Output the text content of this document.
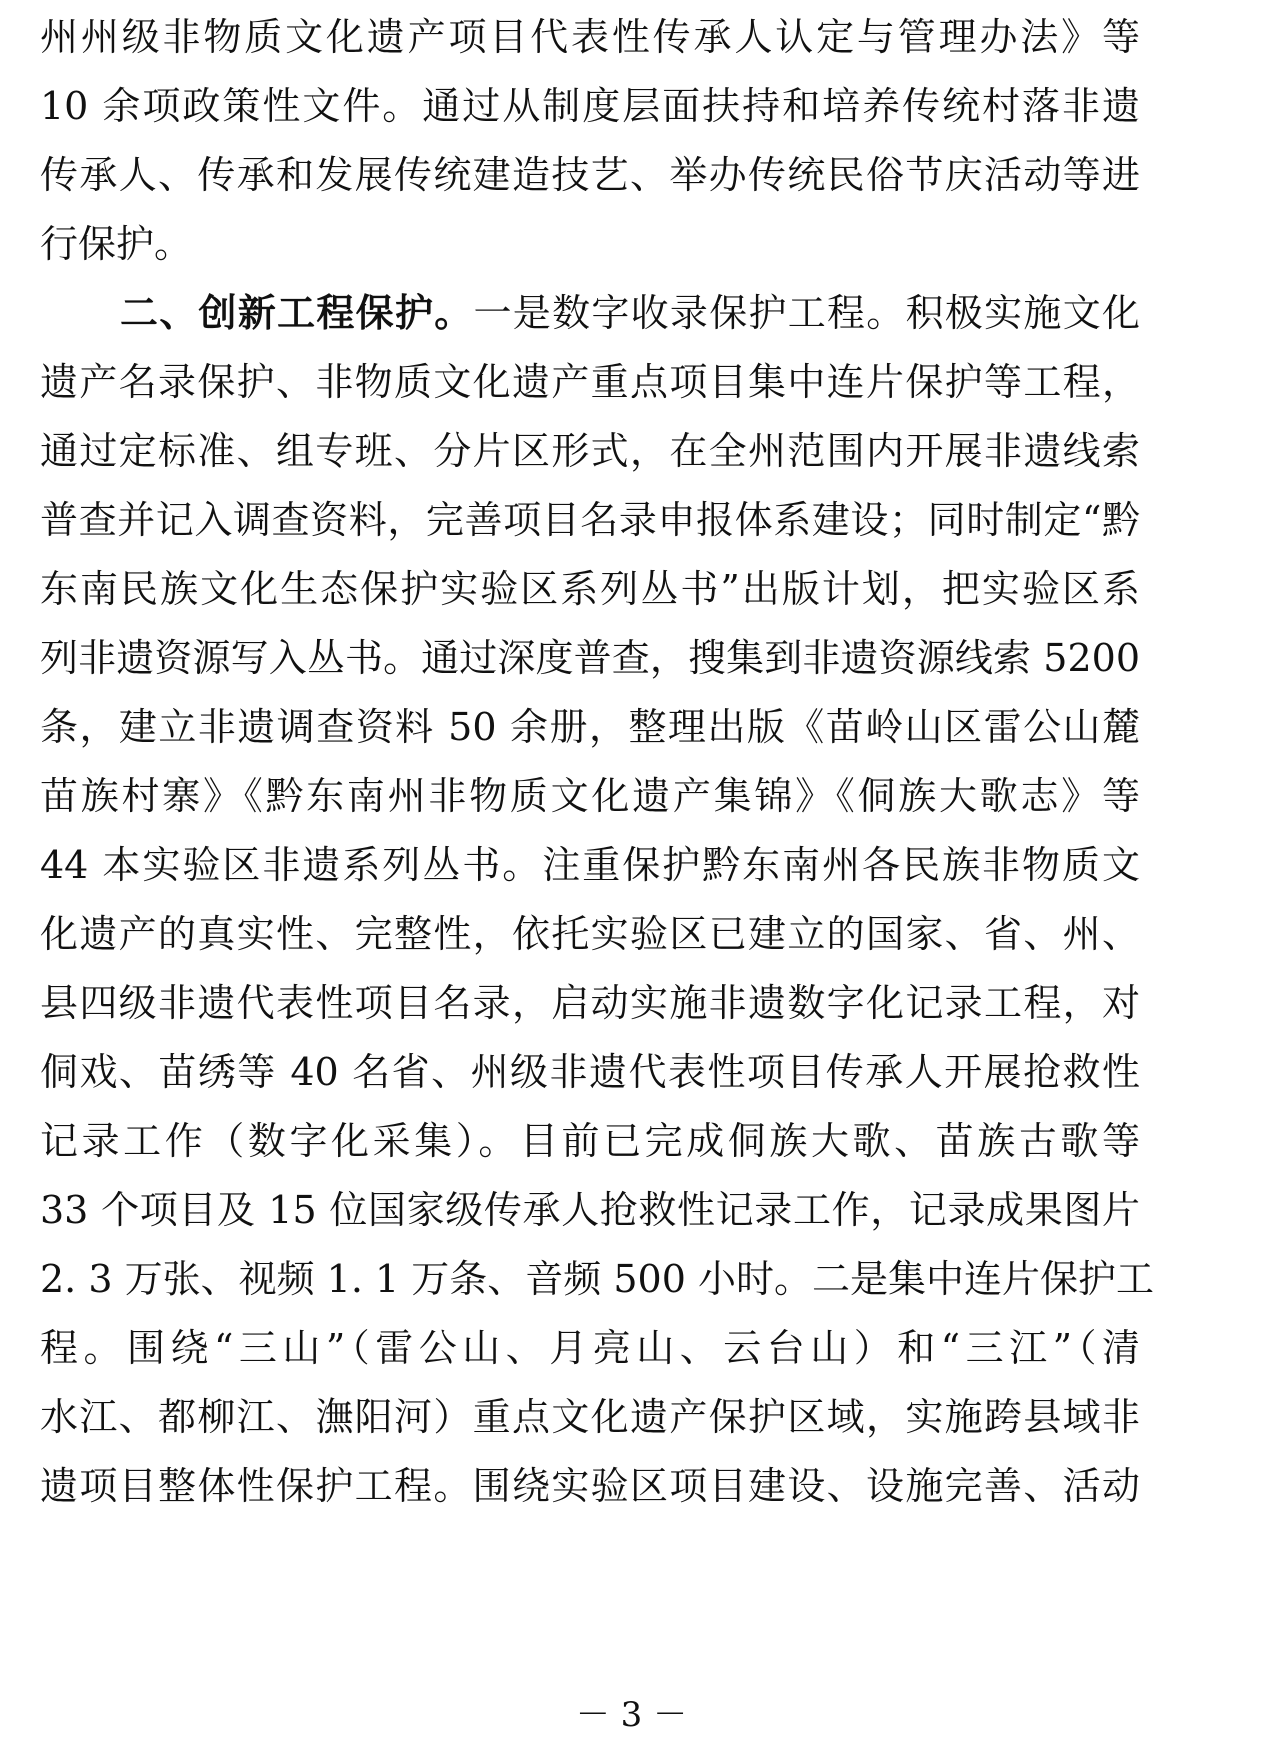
州州级非物质文化遗产项目代表性传承人认定与管理办法》等
10 余项政策性文件。通过从制度层面扶持和培养传统村落非遗
传承人、传承和发展传统建造技艺、举办传统民俗节庆活动等进
行保护。
二、创新工程保护。一是数字收录保护工程。积极实施文化
遗产名录保护、非物质文化遗产重点项目集中连片保护等工程，
通过定标准、组专班、分片区形式，在全州范围内开展非遗线索
普查并记入调查资料，完善项目名录申报体系建设；同时制定“黔
东南民族文化生态保护实验区系列丛书”出版计划，把实验区系
列非遗资源写入丛书。通过深度普查，搜集到非遗资源线索 5200
条，建立非遗调查资料 50 余册，整理出版《苗岭山区雷公山麓
苗族村寨》《黔东南州非物质文化遗产集锦》《侗族大歌志》等
44 本实验区非遗系列丛书。注重保护黔东南州各民族非物质文
化遗产的真实性、完整性，依托实验区已建立的国家、省、州、
县四级非遗代表性项目名录，启动实施非遗数字化记录工程，对
侗戏、苗绣等 40 名省、州级非遗代表性项目传承人开展抢救性
记录工作（数字化采集）。目前已完成侗族大歌、苗族古歌等
33 个项目及 15 位国家级传承人抢救性记录工作，记录成果图片
2. 3 万张、视频 1. 1 万条、音频 500 小时。二是集中连片保护工
程。围绕“三山”（雷公山、月亮山、云台山）和“三江”（清
水江、都柳江、潕阳河）重点文化遗产保护区域，实施跨县域非
遗项目整体性保护工程。围绕实验区项目建设、设施完善、活动
－ 3 －
